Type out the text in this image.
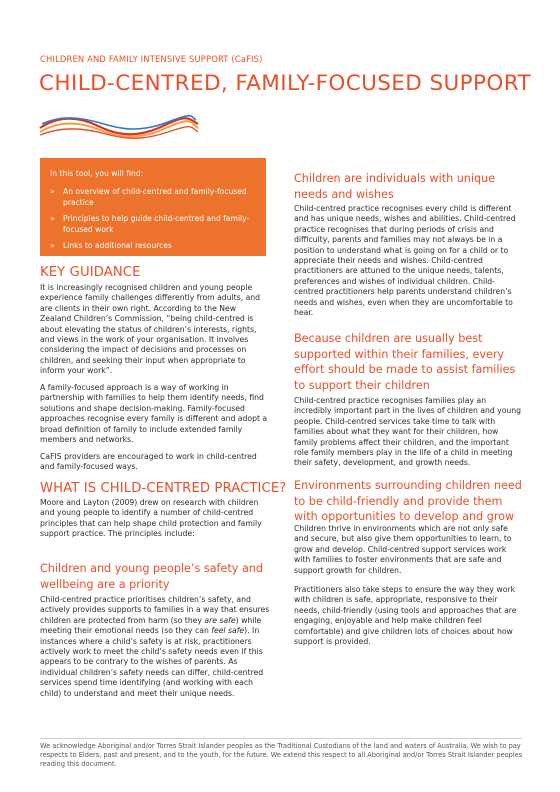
CHILDREN AND FAMILY INTENSIVE SUPPORT (CaFIS)
CHILD-CENTRED, FAMILY-FOCUSED SUPPORT
In this tool, you will find:
» An overview of child-centred and family-focused practice
» Principles to help guide child-centred and family-focused work
» Links to additional resources
KEY GUIDANCE

It is increasingly recognised children and young people experience family challenges differently from adults, and are clients in their own right. According to the New Zealand Children’s Commission, “being child-centred is about elevating the status of children’s interests, rights, and views in the work of your organisation. It involves considering the impact of decisions and processes on children, and seeking their input when appropriate to inform your work”.

A family-focused approach is a way of working in partnership with families to help them identify needs, find solutions and shape decision-making. Family-focused approaches recognise every family is different and adopt a broad definition of family to include extended family members and networks.

CaFIS providers are encouraged to work in child-centred and family-focused ways.

WHAT IS CHILD-CENTRED PRACTICE?

Moore and Layton (2009) drew on research with children and young people to identify a number of child-centred principles that can help shape child protection and family support practice. The principles include:

Children and young people’s safety and wellbeing are a priority

Child-centred practice prioritises children’s safety, and actively provides supports to families in a way that ensures children are protected from harm (so they are safe) while meeting their emotional needs (so they can feel safe). In instances where a child’s safety is at risk, practitioners actively work to meet the child’s safety needs even if this appears to be contrary to the wishes of parents. As individual children’s safety needs can differ, child-centred services spend time identifying (and working with each child) to understand and meet their unique needs.

Children are individuals with unique needs and wishes

Child-centred practice recognises every child is different and has unique needs, wishes and abilities. Child-centred practice recognises that during periods of crisis and difficulty, parents and families may not always be in a position to understand what is going on for a child or to appreciate their needs and wishes. Child-centred practitioners are attuned to the unique needs, talents, preferences and wishes of individual children. Child-centred practitioners help parents understand children’s needs and wishes, even when they are uncomfortable to hear.

Because children are usually best supported within their families, every effort should be made to assist families to support their children

Child-centred practice recognises families play an incredibly important part in the lives of children and young people. Child-centred services take time to talk with families about what they want for their children, how family problems affect their children, and the important role family members play in the life of a child in meeting their safety, development, and growth needs.

Environments surrounding children need to be child-friendly and provide them with opportunities to develop and grow

Children thrive in environments which are not only safe and secure, but also give them opportunities to learn, to grow and develop. Child-centred support services work with families to foster environments that are safe and support growth for children.

Practitioners also take steps to ensure the way they work with children is safe, appropriate, responsive to their needs, child-friendly (using tools and approaches that are engaging, enjoyable and help make children feel comfortable) and give children lots of choices about how support is provided.

We acknowledge Aboriginal and/or Torres Strait Islander peoples as the Traditional Custodians of the land and waters of Australia. We wish to pay respects to Elders, past and present, and to the youth, for the future. We extend this respect to all Aboriginal and/or Torres Strait Islander peoples reading this document.
